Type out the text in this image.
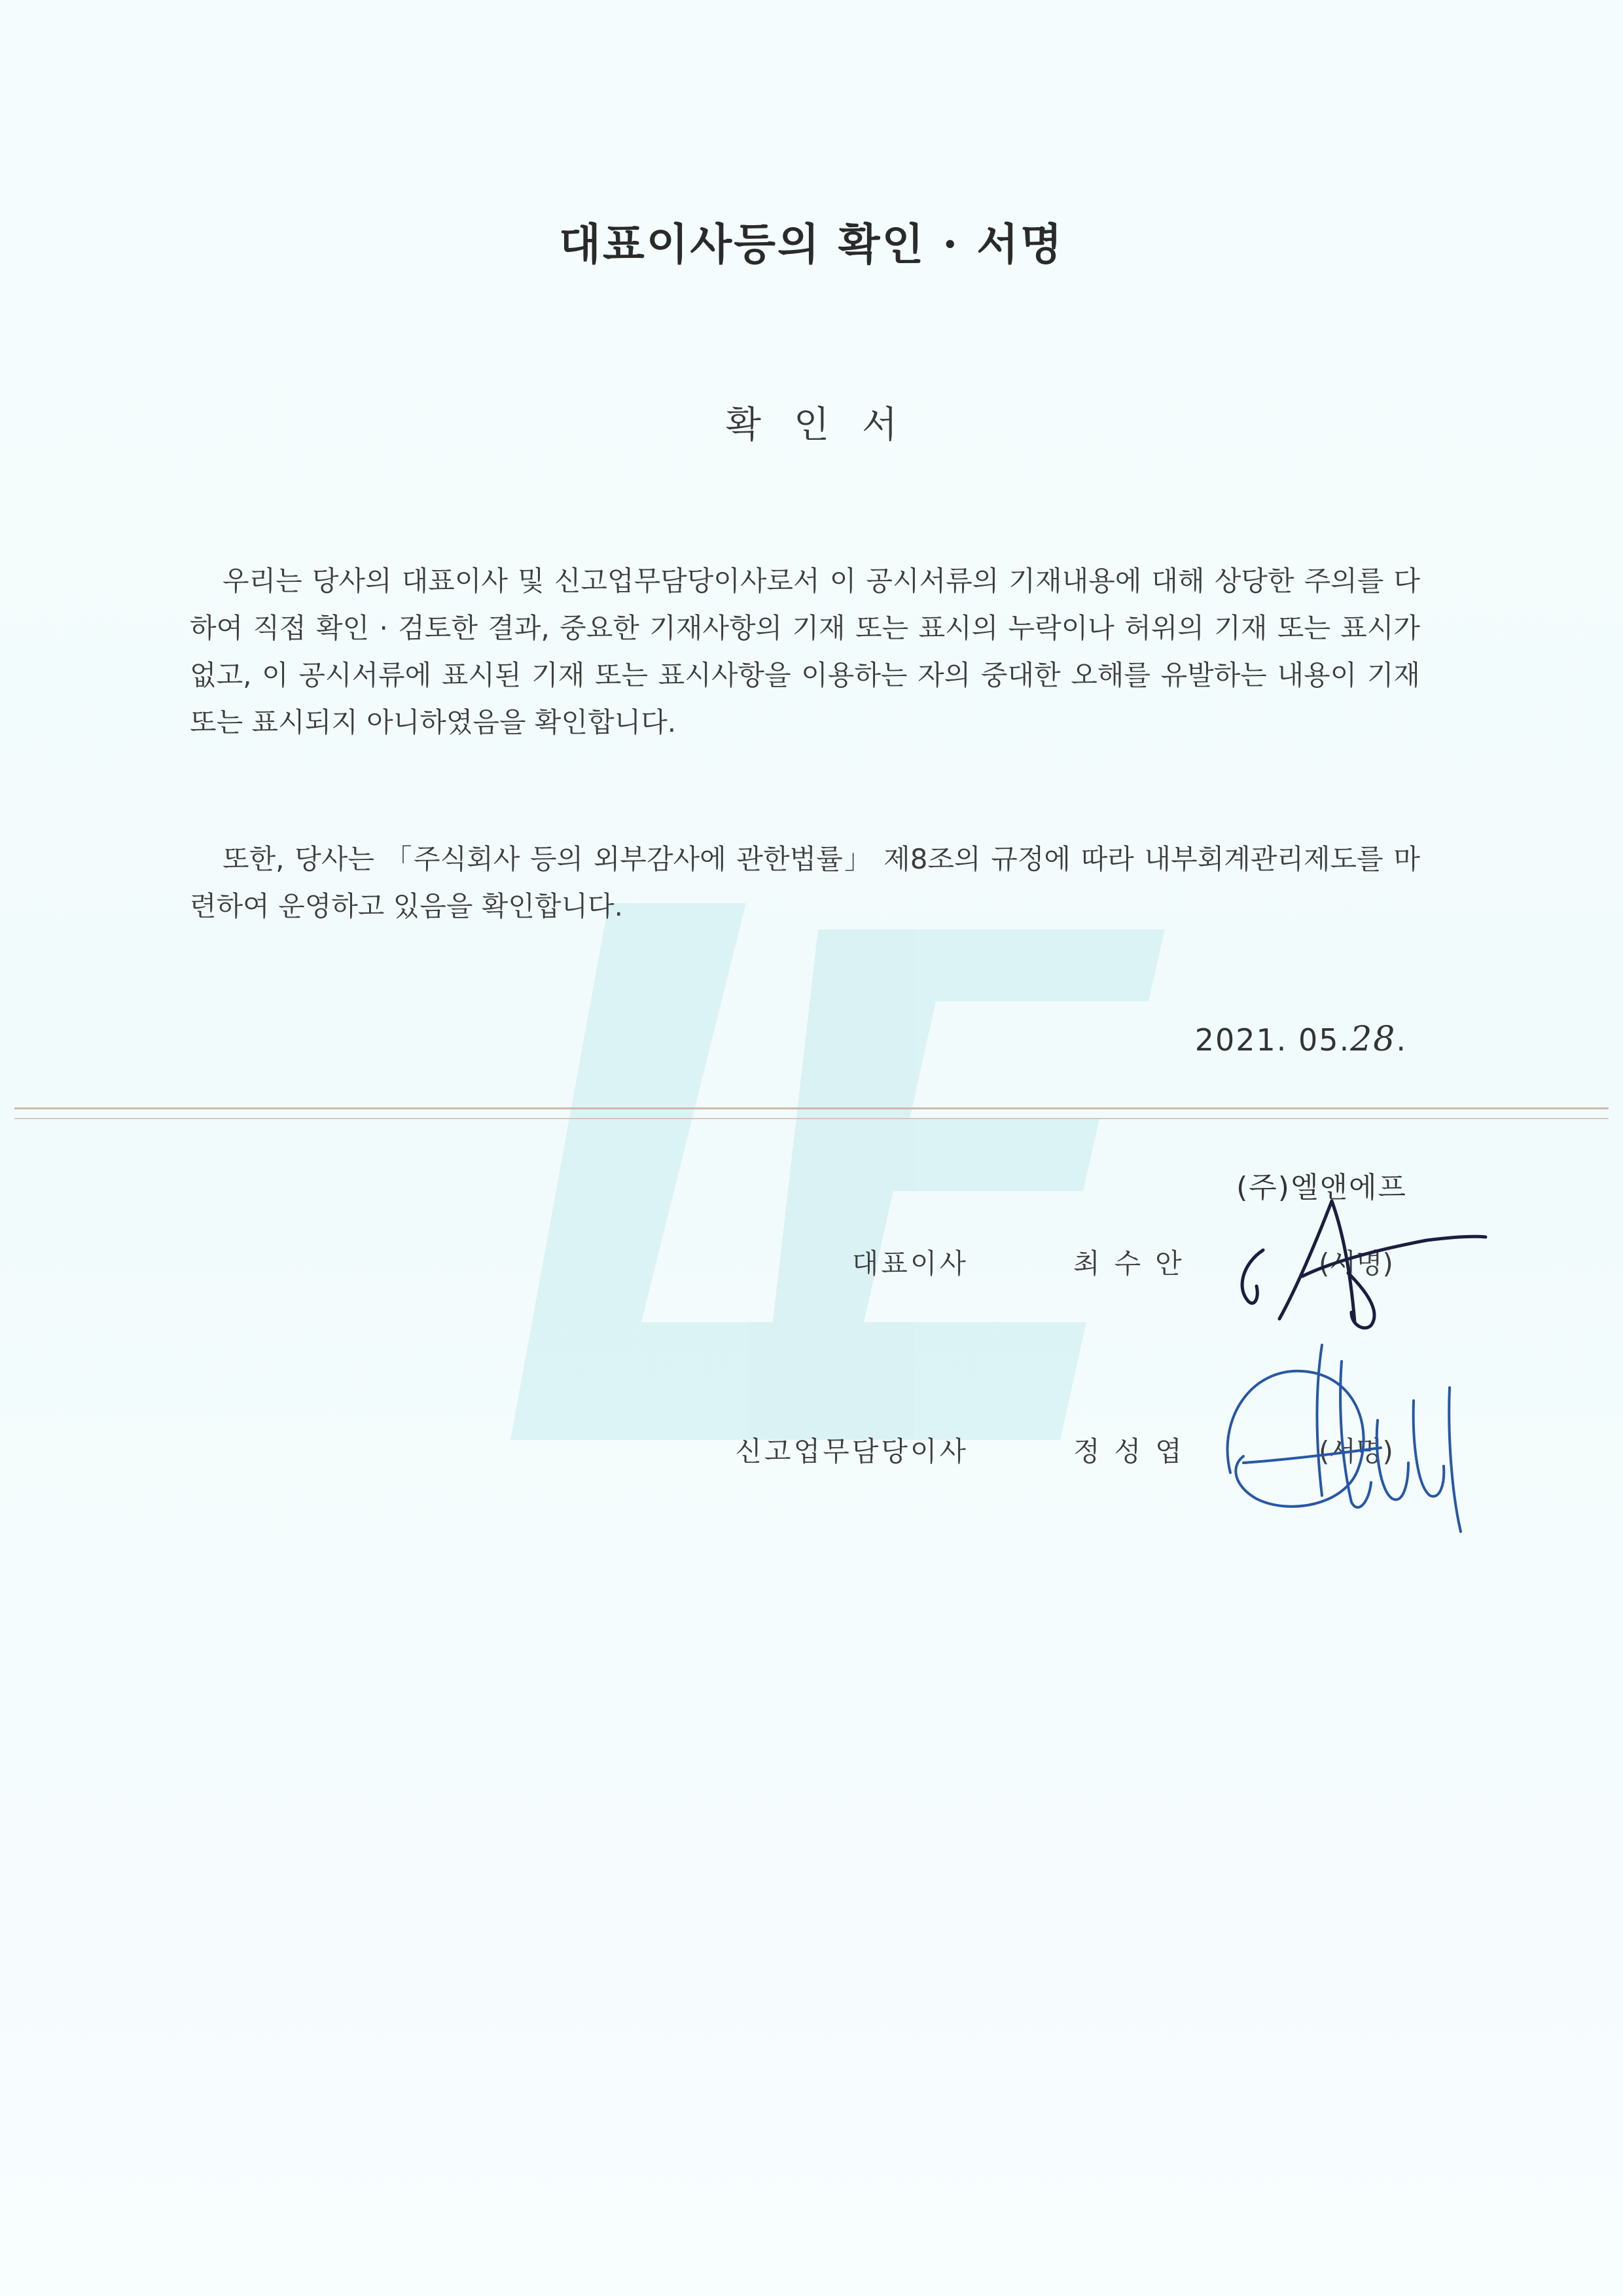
대표이사등의 확인 · 서명
확인서

우리는 당사의 대표이사 및 신고업무담당이사로서 이 공시서류의 기재내용에 대해 상당한 주의를 다하여 직접 확인 · 검토한 결과, 중요한 기재사항의 기재 또는 표시의 누락이나 허위의 기재 또는 표시가 없고, 이 공시서류에 표시된 기재 또는 표시사항을 이용하는 자의 중대한 오해를 유발하는 내용이 기재 또는 표시되지 아니하였음을 확인합니다.

또한, 당사는 「주식회사 등의 외부감사에 관한법률」 제8조의 규정에 따라 내부회계관리제도를 마련하여 운영하고 있음을 확인합니다.

2021. 05.28.
(주)엘앤에프
대표이사	최수안	(서명)
신고업무담당이사	정성엽	(서명)
